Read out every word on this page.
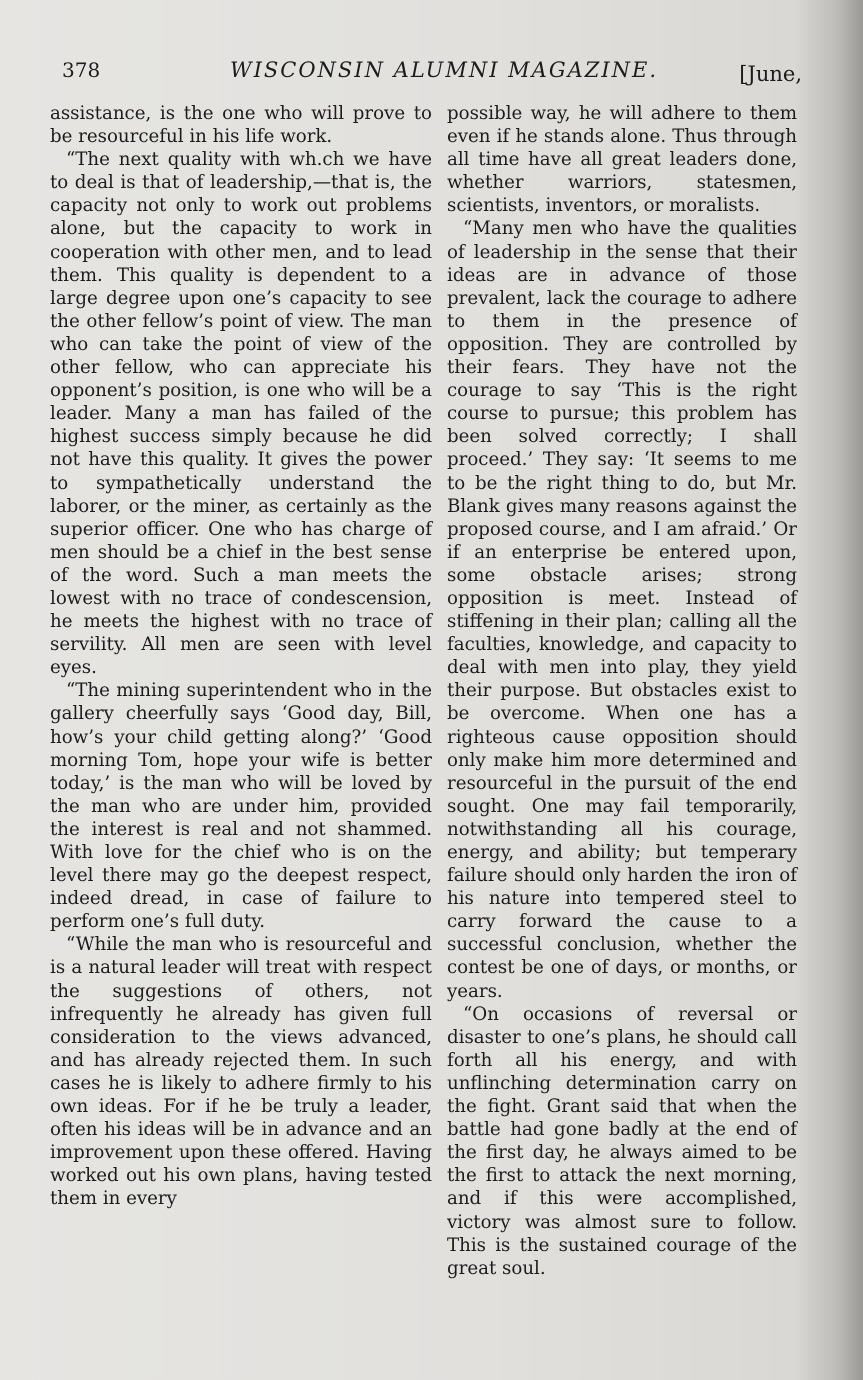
378	WISCONSIN ALUMNI MAGAZINE.	[June,

assistance, is the one who will prove to be resourceful in his life work.

“The next quality with wh.ch we have to deal is that of leadership,—that is, the capacity not only to work out problems alone, but the capacity to work in cooperation with other men, and to lead them. This quality is dependent to a large degree upon one’s capacity to see the other fellow’s point of view. The man who can take the point of view of the other fellow, who can appreciate his opponent’s position, is one who will be a leader. Many a man has failed of the highest success simply because he did not have this quality. It gives the power to sympathetically understand the laborer, or the miner, as certainly as the superior officer. One who has charge of men should be a chief in the best sense of the word. Such a man meets the lowest with no trace of condescension, he meets the highest with no trace of servility. All men are seen with level eyes.

“The mining superintendent who in the gallery cheerfully says ‘Good day, Bill, how’s your child getting along?’ ‘Good morning Tom, hope your wife is better today,’ is the man who will be loved by the man who are under him, provided the interest is real and not shammed. With love for the chief who is on the level there may go the deepest respect, indeed dread, in case of failure to perform one’s full duty.

“While the man who is resourceful and is a natural leader will treat with respect the suggestions of others, not infrequently he already has given full consideration to the views advanced, and has already rejected them. In such cases he is likely to adhere firmly to his own ideas. For if he be truly a leader, often his ideas will be in advance and an improvement upon these offered. Having worked out his own plans, having tested them in every

possible way, he will adhere to them even if he stands alone. Thus through all time have all great leaders done, whether warriors, statesmen, scientists, inventors, or moralists.

“Many men who have the qualities of leadership in the sense that their ideas are in advance of those prevalent, lack the courage to adhere to them in the presence of opposition. They are controlled by their fears. They have not the courage to say ‘This is the right course to pursue; this problem has been solved correctly; I shall proceed.’ They say: ‘It seems to me to be the right thing to do, but Mr. Blank gives many reasons against the proposed course, and I am afraid.’ Or if an enterprise be entered upon, some obstacle arises; strong opposition is meet. Instead of stiffening in their plan; calling all the faculties, knowledge, and capacity to deal with men into play, they yield their purpose. But obstacles exist to be overcome. When one has a righteous cause opposition should only make him more determined and resourceful in the pursuit of the end sought. One may fail temporarily, notwithstanding all his courage, energy, and ability; but temperary failure should only harden the iron of his nature into tempered steel to carry forward the cause to a successful conclusion, whether the contest be one of days, or months, or years.

“On occasions of reversal or disaster to one’s plans, he should call forth all his energy, and with unflinching determination carry on the fight. Grant said that when the battle had gone badly at the end of the first day, he always aimed to be the first to attack the next morning, and if this were accomplished, victory was almost sure to follow. This is the sustained courage of the great soul.
